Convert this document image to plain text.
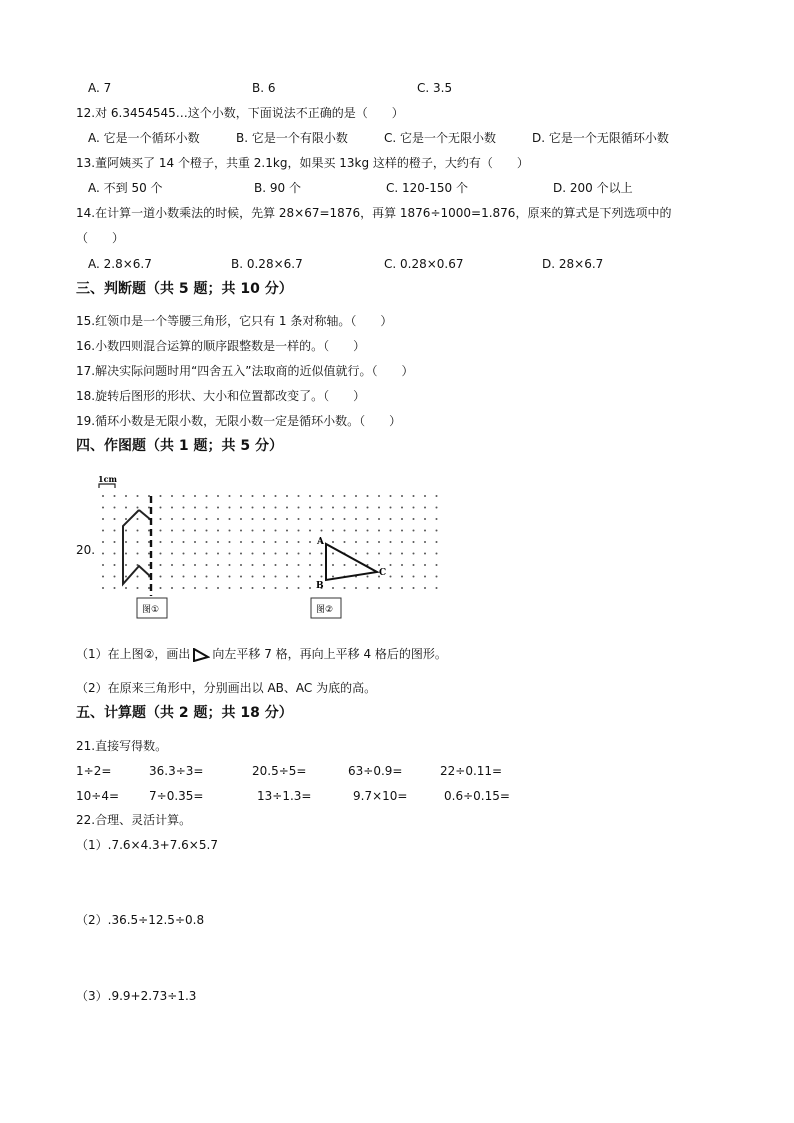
A. 7	B. 6	C. 3.5
12.对 6.3454545…这个小数，下面说法不正确的是（　　）
A. 它是一个循环小数	B. 它是一个有限小数	C. 它是一个无限小数	D. 它是一个无限循环小数
13.董阿姨买了 14 个橙子，共重 2.1kg，如果买 13kg 这样的橙子，大约有（　　）
A. 不到 50 个	B. 90 个	C. 120-150 个	D. 200 个以上
14.在计算一道小数乘法的时候，先算 28×67=1876，再算 1876÷1000=1.876，原来的算式是下列选项中的
（　　）
A. 2.8×6.7	B. 0.28×6.7	C. 0.28×0.67	D. 28×6.7
三、判断题（共 5 题；共 10 分）
15.红领巾是一个等腰三角形，它只有 1 条对称轴。（　　）
16.小数四则混合运算的顺序跟整数是一样的。（　　）
17.解决实际问题时用“四舍五入”法取商的近似值就行。（　　）
18.旋转后图形的形状、大小和位置都改变了。（　　）
19.循环小数是无限小数，无限小数一定是循环小数。（　　）
四、作图题（共 1 题；共 5 分）
20.
1cm
图①	图②
A
B
C
（1）在上图②，画出 向左平移 7 格，再向上平移 4 格后的图形。
（2）在原来三角形中，分别画出以 AB、AC 为底的高。
五、计算题（共 2 题；共 18 分）
21.直接写得数。
1÷2=	36.3÷3=	20.5÷5=	63÷0.9=	22÷0.11=
10÷4= 7÷0.35=	13÷1.3=	9.7×10=	0.6÷0.15=
22.合理、灵活计算。
（1）.7.6×4.3+7.6×5.7
（2）.36.5÷12.5÷0.8
（3）.9.9+2.73÷1.3
